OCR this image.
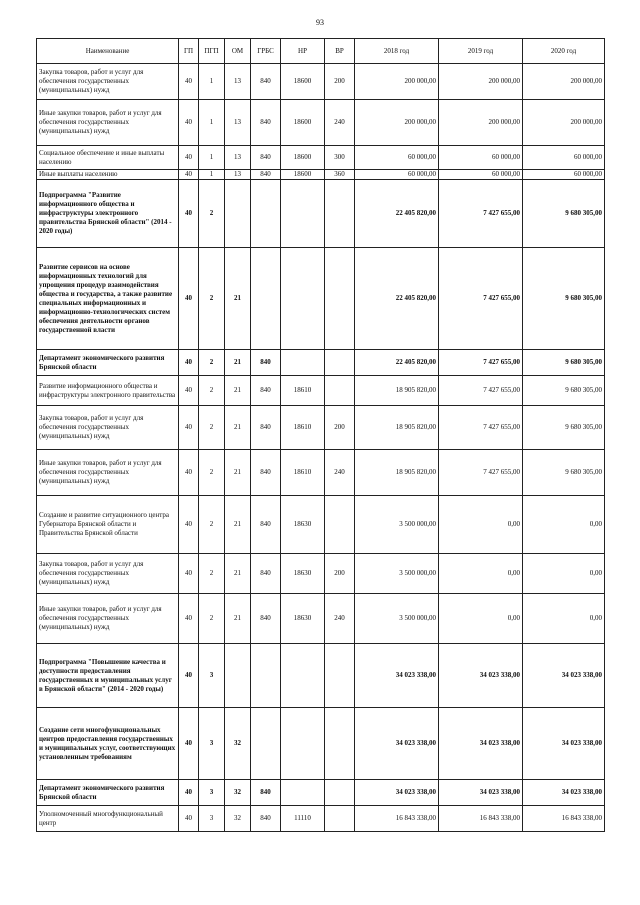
93
Наименование	ГП	ПГП	ОМ	ГРБС	НР	ВР	2018 год	2019 год	2020 год
Закупка товаров, работ и услуг для обеспечения государственных (муниципальных) нужд	40	1	13	840	18600	200	200 000,00	200 000,00	200 000,00
Иные закупки товаров, работ и услуг для обеспечения государственных (муниципальных) нужд	40	1	13	840	18600	240	200 000,00	200 000,00	200 000,00
Социальное обеспечение и иные выплаты населению	40	1	13	840	18600	300	60 000,00	60 000,00	60 000,00
Иные выплаты населению	40	1	13	840	18600	360	60 000,00	60 000,00	60 000,00
Подпрограмма "Развитие информационного общества и инфраструктуры электронного правительства Брянской области" (2014 - 2020 годы)	40	2					22 405 820,00	7 427 655,00	9 680 305,00
Развитие сервисов на основе информационных технологий для упрощения процедур взаимодействия общества и государства, а также развитие специальных информационных и информационно-технологических систем обеспечения деятельности органов государственной власти	40	2	21				22 405 820,00	7 427 655,00	9 680 305,00
Департамент экономического развития Брянской области	40	2	21	840			22 405 820,00	7 427 655,00	9 680 305,00
Развитие информационного общества и инфраструктуры электронного правительства	40	2	21	840	18610		18 905 820,00	7 427 655,00	9 680 305,00
Закупка товаров, работ и услуг для обеспечения государственных (муниципальных) нужд	40	2	21	840	18610	200	18 905 820,00	7 427 655,00	9 680 305,00
Иные закупки товаров, работ и услуг для обеспечения государственных (муниципальных) нужд	40	2	21	840	18610	240	18 905 820,00	7 427 655,00	9 680 305,00
Создание и развитие ситуационного центра Губернатора Брянской области и Правительства Брянской области	40	2	21	840	18630		3 500 000,00	0,00	0,00
Закупка товаров, работ и услуг для обеспечения государственных (муниципальных) нужд	40	2	21	840	18630	200	3 500 000,00	0,00	0,00
Иные закупки товаров, работ и услуг для обеспечения государственных (муниципальных) нужд	40	2	21	840	18630	240	3 500 000,00	0,00	0,00
Подпрограмма "Повышение качества и доступности предоставления государственных и муниципальных услуг в Брянской области" (2014 - 2020 годы)	40	3					34 023 338,00	34 023 338,00	34 023 338,00
Создание сети многофункциональных центров предоставления государственных и муниципальных услуг, соответствующих установленным требованиям	40	3	32				34 023 338,00	34 023 338,00	34 023 338,00
Департамент экономического развития Брянской области	40	3	32	840			34 023 338,00	34 023 338,00	34 023 338,00
Уполномоченный многофункциональный центр	40	3	32	840	11110		16 843 338,00	16 843 338,00	16 843 338,00
